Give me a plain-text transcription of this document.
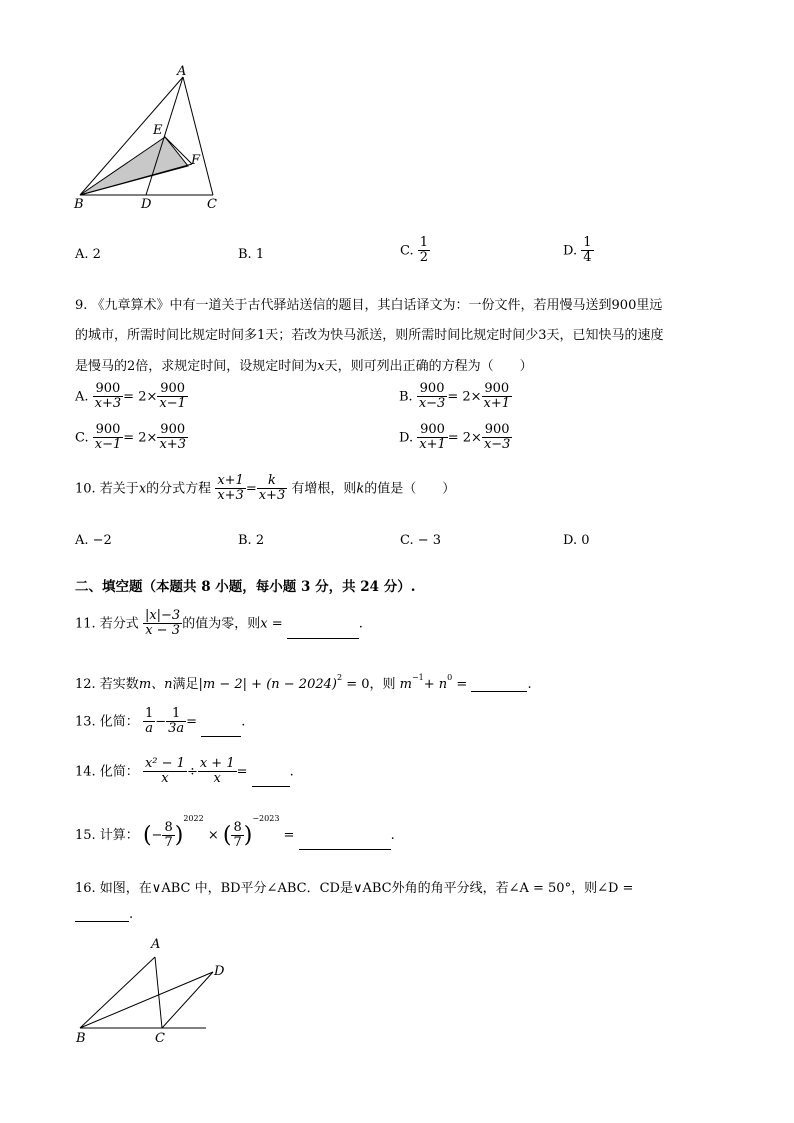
A
E
F
B	D	C
A. 2	B. 1	C. $\frac{1}{2}$	D. $\frac{1}{4}$
9. 《九章算术》中有一道关于古代驿站送信的题目，其白话译文为：一份文件，若用慢马送到900里远
的城市，所需时间比规定时间多1天；若改为快马派送，则所需时间比规定时间少3天，已知快马的速度
是慢马的2倍，求规定时间，设规定时间为x天，则可列出正确的方程为（　　）
A. $\frac{900}{x+3} = 2\times \frac{900}{x-1}$	B. $\frac{900}{x-3} = 2\times \frac{900}{x+1}$
C. $\frac{900}{x-1} = 2\times \frac{900}{x+3}$	D. $\frac{900}{x+1} = 2\times \frac{900}{x-3}$
10. 若关于x的分式方程 $\frac{x+1}{x+3} = \frac{k}{x+3}$ 有增根，则k的值是（　　）
A. −2	B. 2	C. − 3	D. 0
二、填空题（本题共 8 小题，每小题 3 分，共 24 分）.
11. 若分式 $\frac{|x|-3}{x - 3}$ 的值为零，则x =	.
12. 若实数m、n满足$|m - 2| + (n - 2024)^2 = 0$，则 $m^{-1}+ n^0$ =	.
13. 化简： $\frac{1}{a} - \frac{1}{3a}$ =	.
14. 化简： $\frac{\text{x² − 1}}{x} \div \frac{x + 1}{x}$ =	.
15. 计算： (− $\frac{8}{7} )^{2022}$ × ( $\frac{8}{7} )^{-2023}$ =	.
16. 如图，在∨ABC 中，BD平分∠ABC．CD是∨ABC外角的角平分线，若∠A = 50°，则∠D =
.
A
D
B	C
